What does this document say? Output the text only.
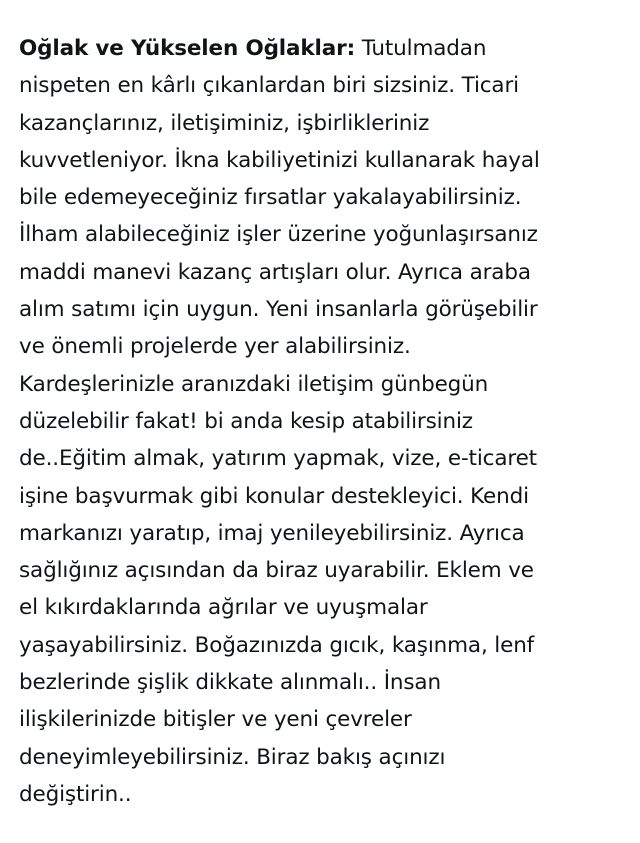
Oğlak ve Yükselen Oğlaklar: Tutulmadan
nispeten en kârlı çıkanlardan biri sizsiniz. Ticari
kazançlarınız, iletişiminiz, işbirlikleriniz
kuvvetleniyor. İkna kabiliyetinizi kullanarak hayal
bile edemeyeceğiniz fırsatlar yakalayabilirsiniz.
İlham alabileceğiniz işler üzerine yoğunlaşırsanız
maddi manevi kazanç artışları olur. Ayrıca araba
alım satımı için uygun. Yeni insanlarla görüşebilir
ve önemli projelerde yer alabilirsiniz.
Kardeşlerinizle aranızdaki iletişim günbegün
düzelebilir fakat! bi anda kesip atabilirsiniz
de..Eğitim almak, yatırım yapmak, vize, e-ticaret
işine başvurmak gibi konular destekleyici. Kendi
markanızı yaratıp, imaj yenileyebilirsiniz. Ayrıca
sağlığınız açısından da biraz uyarabilir. Eklem ve
el kıkırdaklarında ağrılar ve uyuşmalar
yaşayabilirsiniz. Boğazınızda gıcık, kaşınma, lenf
bezlerinde şişlik dikkate alınmalı.. İnsan
ilişkilerinizde bitişler ve yeni çevreler
deneyimleyebilirsiniz. Biraz bakış açınızı
değiştirin..
